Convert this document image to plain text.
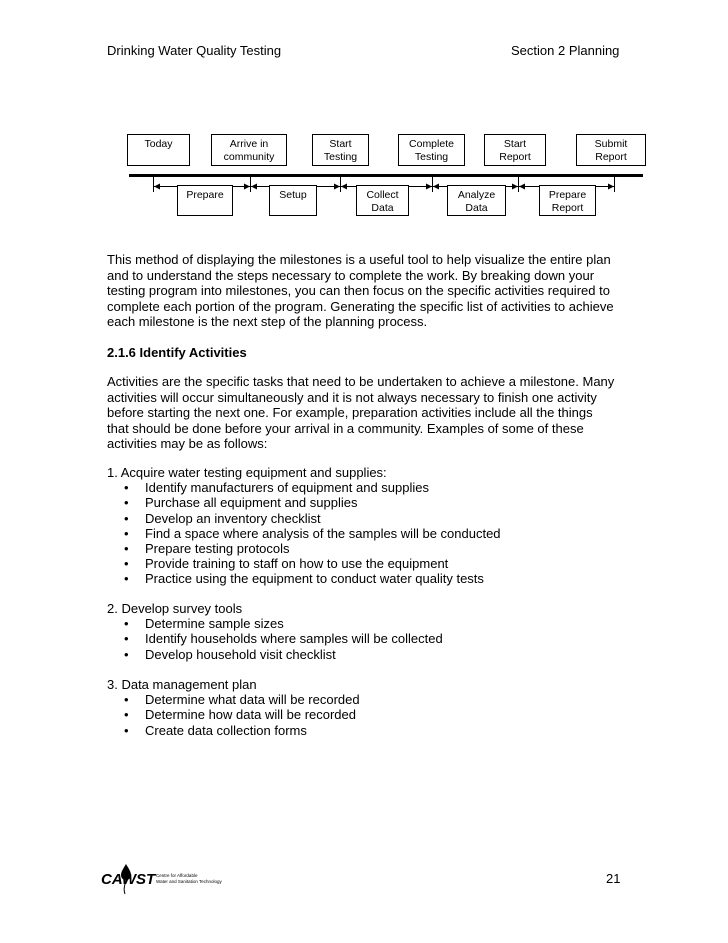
Drinking Water Quality Testing	Section 2 Planning
Today	Arrive in
community
Start
Testing
Complete
Testing
Start
Report
Submit
Report
Prepare	Setup	Collect
Data
Analyze
Data
Prepare
Report
This method of displaying the milestones is a useful tool to help visualize the entire plan
and to understand the steps necessary to complete the work. By breaking down your
testing program into milestones, you can then focus on the specific activities required to
complete each portion of the program. Generating the specific list of activities to achieve
each milestone is the next step of the planning process.
2.1.6 Identify Activities
Activities are the specific tasks that need to be undertaken to achieve a milestone. Many
activities will occur simultaneously and it is not always necessary to finish one activity
before starting the next one. For example, preparation activities include all the things
that should be done before your arrival in a community. Examples of some of these
activities may be as follows:
1. Acquire water testing equipment and supplies:
• Identify manufacturers of equipment and supplies
• Purchase all equipment and supplies
• Develop an inventory checklist
• Find a space where analysis of the samples will be conducted
• Prepare testing protocols
• Provide training to staff on how to use the equipment
• Practice using the equipment to conduct water quality tests
2. Develop survey tools
• Determine sample sizes
• Identify households where samples will be collected
• Develop household visit checklist
3. Data management plan
• Determine what data will be recorded
• Determine how data will be recorded
• Create data collection forms
CAWST Centre for Affordable
Water and Sanitation Technology	21
